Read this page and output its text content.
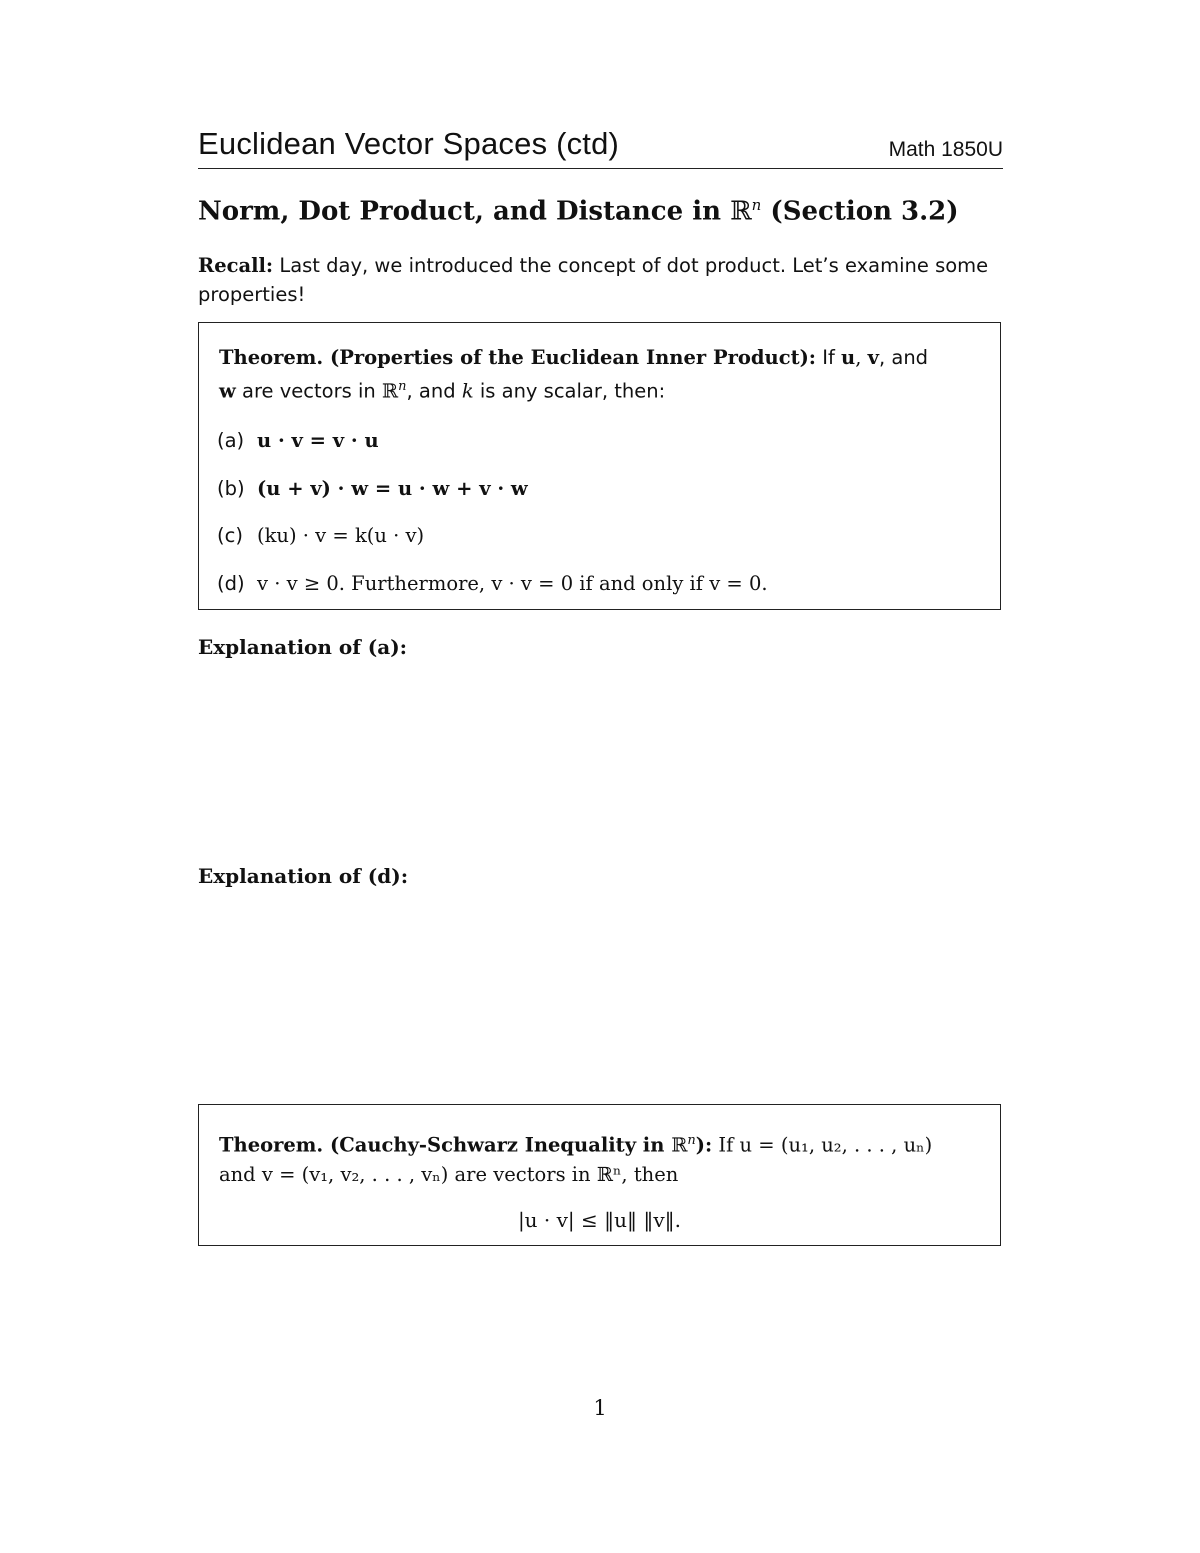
Euclidean Vector Spaces (ctd)	Math 1850U
Norm, Dot Product, and Distance in ℝ$^n$ (Section 3.2)
Recall: Last day, we introduced the concept of dot product. Let’s examine some properties!
Theorem. (Properties of the Euclidean Inner Product): If u, v, and
w are vectors in ℝ$^n$, and k is any scalar, then:
(a) u · v = v · u
(b) (u + v) · w = u · w + v · w
(c) (ku) · v = k(u · v)
(d) v · v ≥ 0. Furthermore, v · v = 0 if and only if v = 0.
Explanation of (a):
Explanation of (d):
Theorem. (Cauchy-Schwarz Inequality in ℝ$^n$): If u = (u₁, u₂, . . . , uₙ)
and v = (v₁, v₂, . . . , vₙ) are vectors in ℝⁿ, then
|u · v| ≤ ‖u‖ ‖v‖.
1
